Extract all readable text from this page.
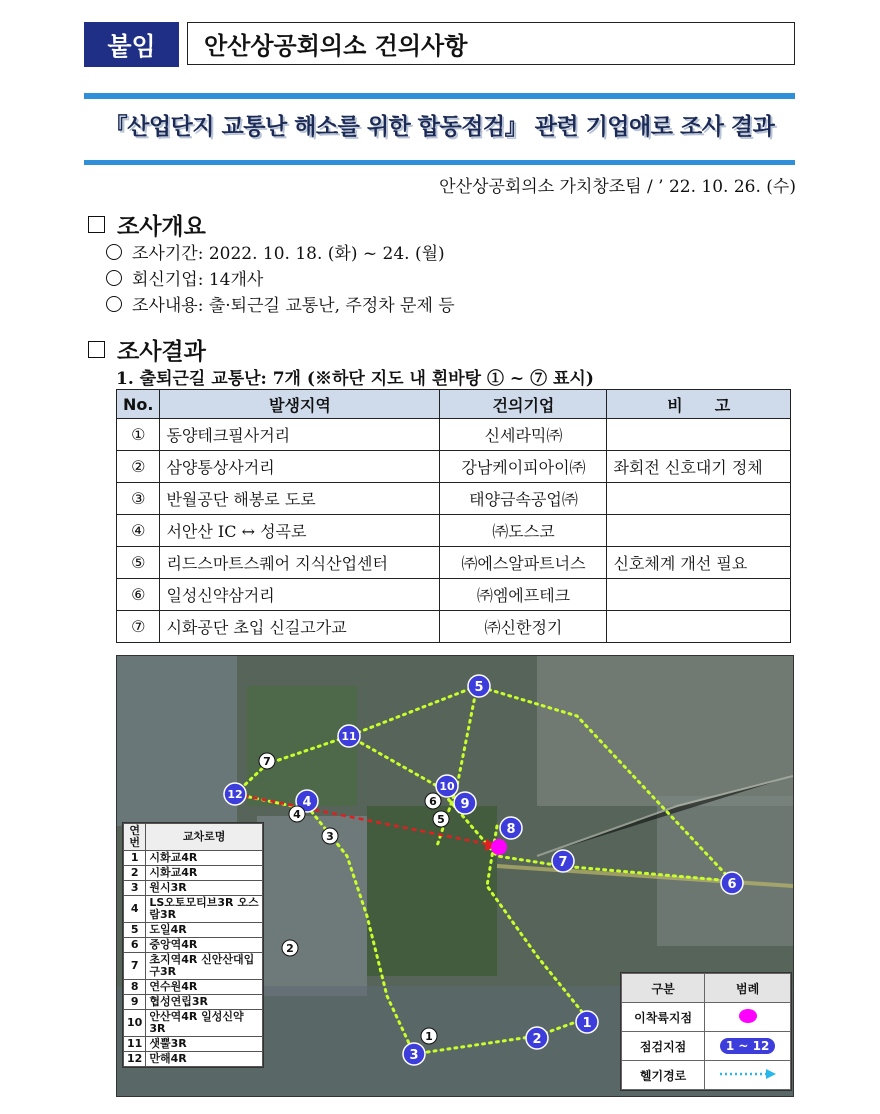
붙임	안산상공회의소 건의사항
『산업단지 교통난 해소를 위한 합동점검』 관련 기업애로 조사 결과
안산상공회의소 가치창조팀 / ’ 22. 10. 26. (수)
조사개요
조사기간: 2022. 10. 18. (화) ~ 24. (월)
회신기업: 14개사
조사내용: 출·퇴근길 교통난, 주정차 문제 등
조사결과
1. 출퇴근길 교통난: 7개 (※하단 지도 내 흰바탕 ① ~ ⑦ 표시)
No.	발생지역	건의기업	비　　고
①	동양테크필사거리	신세라믹㈜	
②	삼양통상사거리	강남케이피아이㈜	좌회전 신호대기 정체
③	반월공단 해봉로 도로	태양금속공업㈜	
④	서안산 IC ↔ 성곡로	㈜도스코	
⑤	리드스마트스퀘어 지식산업센터	㈜에스알파트너스	신호체계 개선 필요
⑥	일성신약삼거리	㈜엠에프테크	
⑦	시화공단 초입 신길고가교	㈜신한정기	
1
2
3
4
5
6
7
8
9
10
11
12
1
2
3
4	5
6
7
연번	교차로명
1	시화교4R
2	시화교4R
3	원시3R
4	LS오토모티브3R 오스람3R
5	도일4R
6	중앙역4R
7	초지역4R 신안산대입구3R
8	연수원4R
9	협성연립3R
10	안산역4R 일성신약3R
11	샛뿔3R
12	만해4R
구분	범례
이착륙지점	
점검지점	1 ~ 12
헬기경로	
